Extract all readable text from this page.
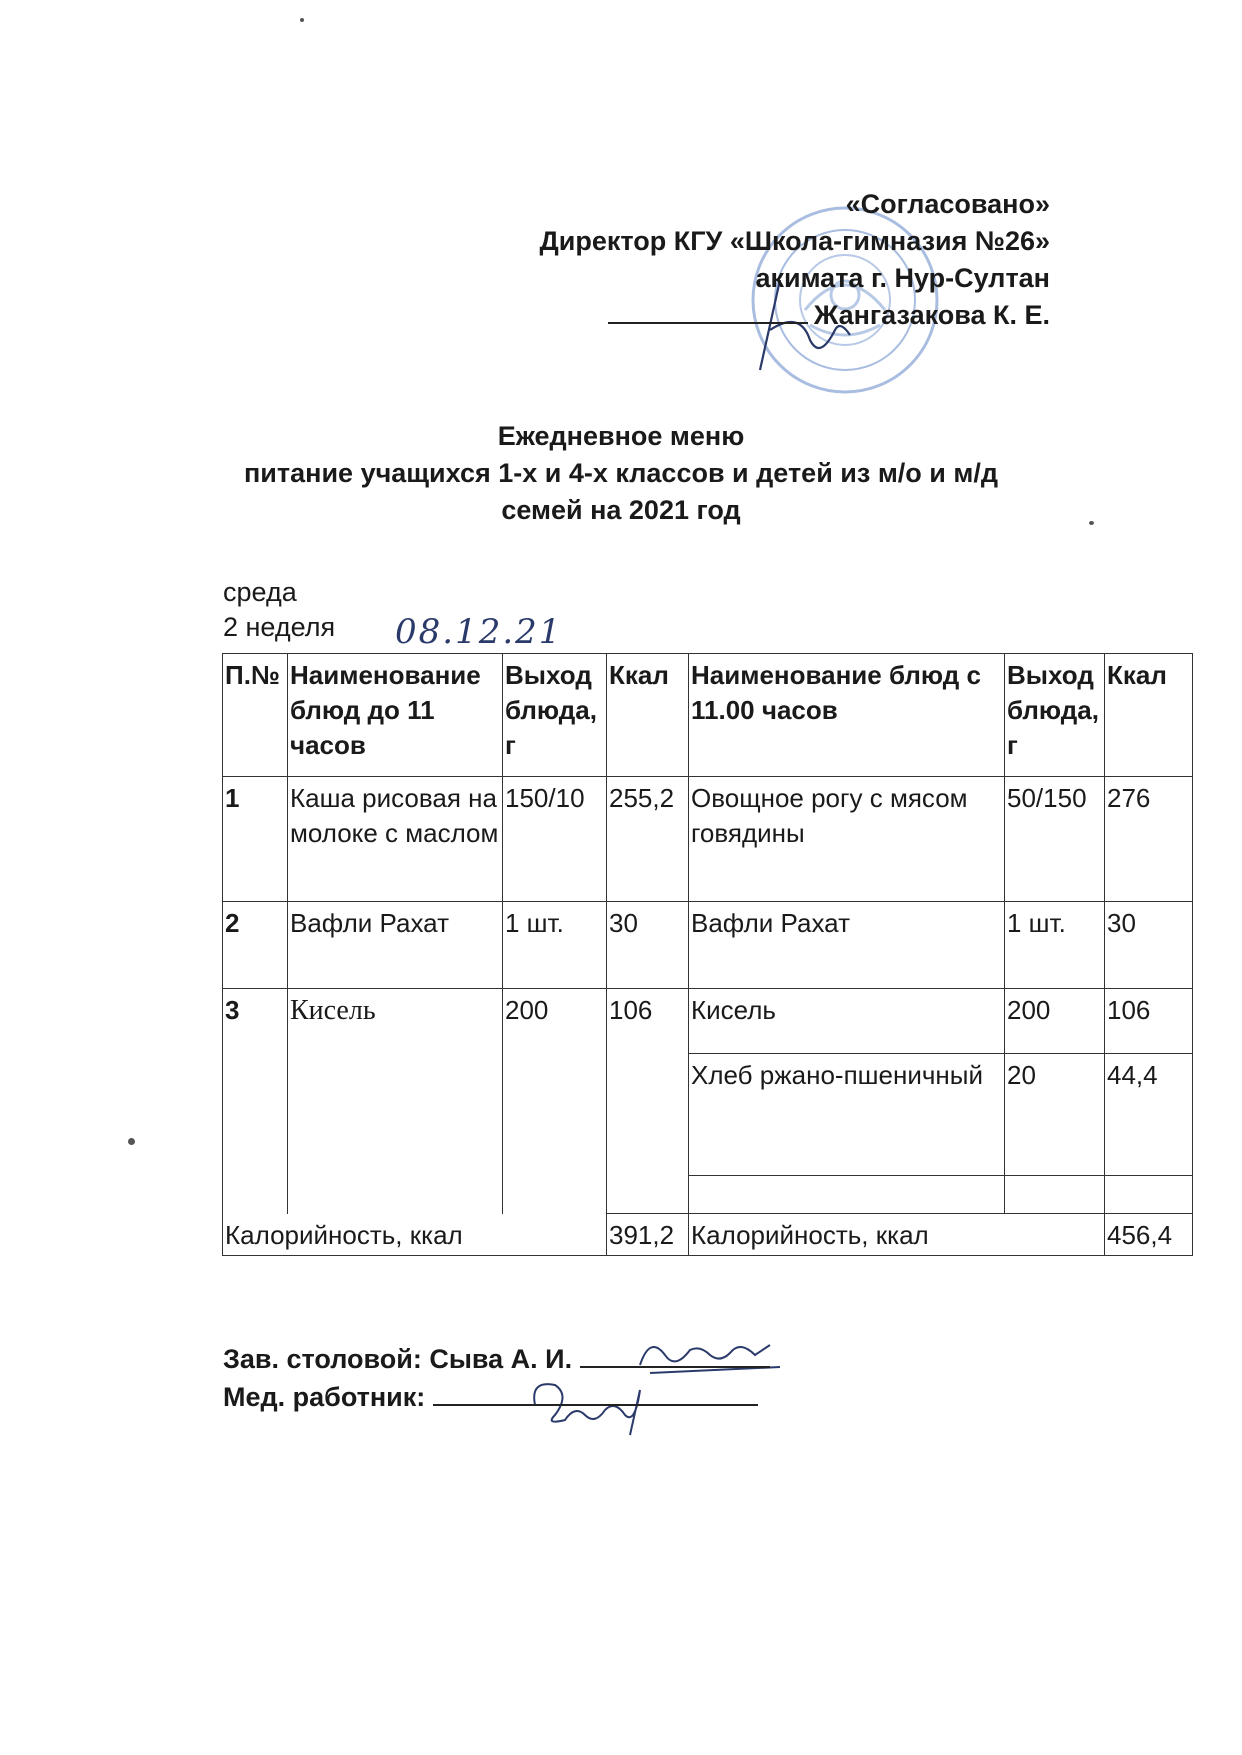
«Согласовано»
Директор КГУ «Школа-гимназия №26»
акимата г. Нур-Султан
Жангазакова К. Е.
Ежедневное меню
питание учащихся 1-х и 4-х классов и детей из м/о и м/д
семей на 2021 год
среда
2 неделя 08.12.21
П.№	Наименование блюд до 11 часов	Выход блюда, г	Ккал	Наименование блюд с 11.00 часов	Выход блюда, г	Ккал
1	Каша рисовая на молоке с маслом	150/10	255,2	Овощное рогу с мясом говядины	50/150	276
2	Вафли Рахат	1 шт.	30	Вафли Рахат	1 шт.	30
3	Кисель	200	106	Кисель	200	106
				Хлеб ржано-пшеничный	20	44,4

Калорийность, ккал			391,2	Калорийность, ккал		456,4
Зав. столовой: Сыва А. И.
Мед. работник:
